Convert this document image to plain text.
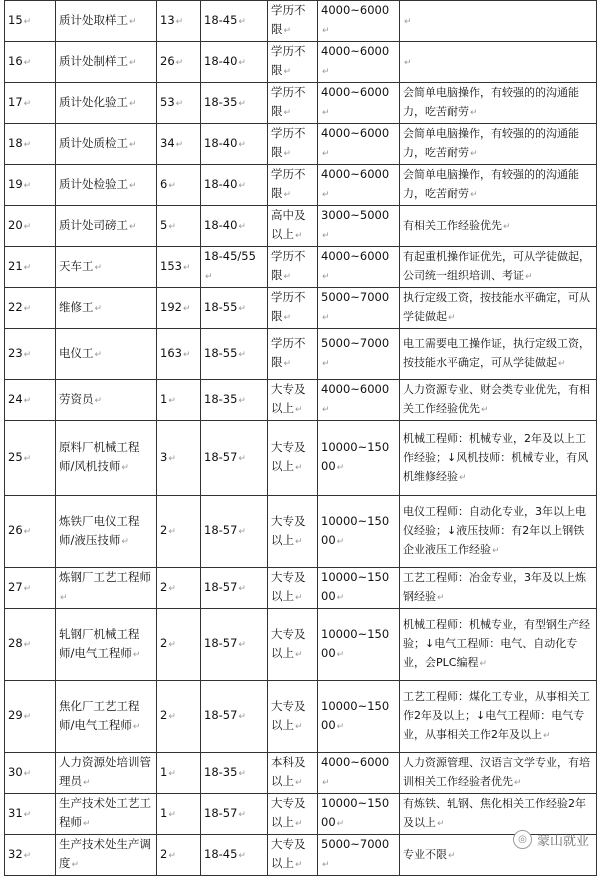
15↵	质计处取样工↵	13↵	18-45↵	学历不限↵	4000~6000↵	↵
16↵	质计处制样工↵	26↵	18-40↵	学历不限↵	4000~6000↵	↵
17↵	质计处化验工↵	53↵	18-35↵	学历不限↵	4000~6000↵	会简单电脑操作，有较强的的沟通能力，吃苦耐劳↵
18↵	质计处质检工↵	34↵	18-40↵	学历不限↵	4000~6000↵	会简单电脑操作，有较强的的沟通能力，吃苦耐劳↵
19↵	质计处检验工↵	6↵	18-40↵	学历不限↵	4000~6000↵	会简单电脑操作，有较强的的沟通能力，吃苦耐劳↵
20↵	质计处司磅工↵	5↵	18-40↵	高中及以上↵	3000~5000↵	有相关工作经验优先↵
21↵	天车工↵	153↵	18-45/55↵	学历不限↵	4000~6000↵	有起重机操作证优先，可从学徒做起，公司统一组织培训、考证↵
22↵	维修工↵	192↵	18-55↵	学历不限↵	5000~7000↵	执行定级工资，按技能水平确定，可从学徒做起↵
23↵	电仪工↵	163↵	18-55↵	学历不限↵	5000~7000↵	电工需要电工操作证，执行定级工资，按技能水平确定，可从学徒做起↵
24↵	劳资员↵	1↵	18-35↵	大专及以上↵	4000~6000↵	人力资源专业、财会类专业优先，有相关工作经验优先↵
25↵	原料厂机械工程师/风机技师↵	3↵	18-57↵	大专及以上↵	10000~15000↵	机械工程师：机械专业，2年及以上工作经验；↓风机技师：机械专业，有风机维修经验↵
26↵	炼铁厂电仪工程师/液压技师↵	2↵	18-57↵	大专及以上↵	10000~15000↵	电仪工程师：自动化专业，3年以上电仪经验；↓液压技师：有2年以上钢铁企业液压工作经验↵
27↵	炼钢厂工艺工程师↵	2↵	18-57↵	大专及以上↵	10000~15000↵	工艺工程师：冶金专业，3年及以上炼钢经验↵
28↵	轧钢厂机械工程师/电气工程师↵	2↵	18-57↵	大专及以上↵	10000~15000↵	机械工程师：机械专业，有型钢生产经验；↓电气工程师：电气、自动化专业，会PLC编程↵
29↵	焦化厂工艺工程师/电气工程师↵	2↵	18-57↵	大专及以上↵	10000~15000↵	工艺工程师：煤化工专业，从事相关工作2年及以上；↓电气工程师：电气专业，从事相关工作2年及以上↵
30↵	人力资源处培训管理员↵	1↵	18-35↵	本科及以上↵	4000~6000↵	人力资源管理、汉语言文学专业，有培训相关工作经验者优先↵
31↵	生产技术处工艺工程师↵	1↵	18-57↵	大专及以上↵	10000~15000↵	有炼铁、轧钢、焦化相关工作经验2年及以上↵
32↵	生产技术处生产调度↵	2↵	18-45↵	大专及以上↵	5000~7000↵	专业不限↵
◎ 蒙山就业
